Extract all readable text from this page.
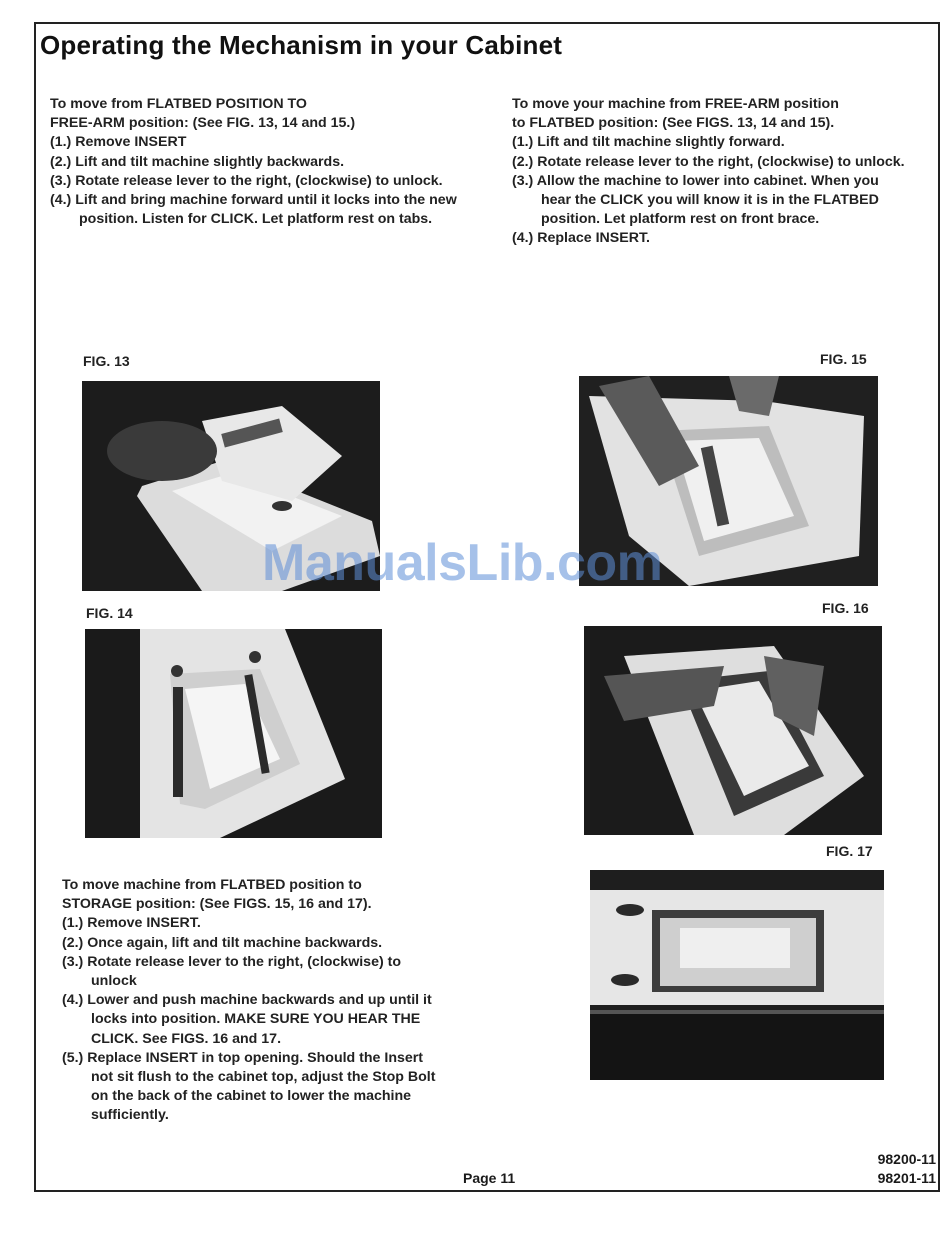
Operating the Mechanism in your Cabinet

To move from FLATBED POSITION TO
FREE-ARM position: (See FIG. 13, 14 and 15.)

(1.) Remove INSERT
(2.) Lift and tilt machine slightly backwards.
(3.) Rotate release lever to the right, (clockwise) to unlock.
(4.) Lift and bring machine forward until it locks into the new position. Listen for CLICK. Let platform rest on tabs.

To move your machine from FREE-ARM position
to FLATBED position: (See FIGS. 13, 14 and 15).

(1.) Lift and tilt machine slightly forward.
(2.) Rotate release lever to the right, (clockwise) to unlock.
(3.) Allow the machine to lower into cabinet. When you hear the CLICK you will know it is in the FLATBED position. Let platform rest on front brace.
(4.) Replace INSERT.
FIG. 13
FIG. 14
FIG. 15
FIG. 16
FIG. 17

To move machine from FLATBED position to
STORAGE position: (See FIGS. 15, 16 and 17).

(1.) Remove INSERT.
(2.) Once again, lift and tilt machine backwards.
(3.) Rotate release lever to the right, (clockwise) to unlock
(4.) Lower and push machine backwards and up until it locks into position. MAKE SURE YOU HEAR THE CLICK. See FIGS. 16 and 17.
(5.) Replace INSERT in top opening. Should the Insert not sit flush to the cabinet top, adjust the Stop Bolt on the back of the cabinet to lower the machine sufficiently.
ManualsLib.com
Page 11
98200-11
98201-11
